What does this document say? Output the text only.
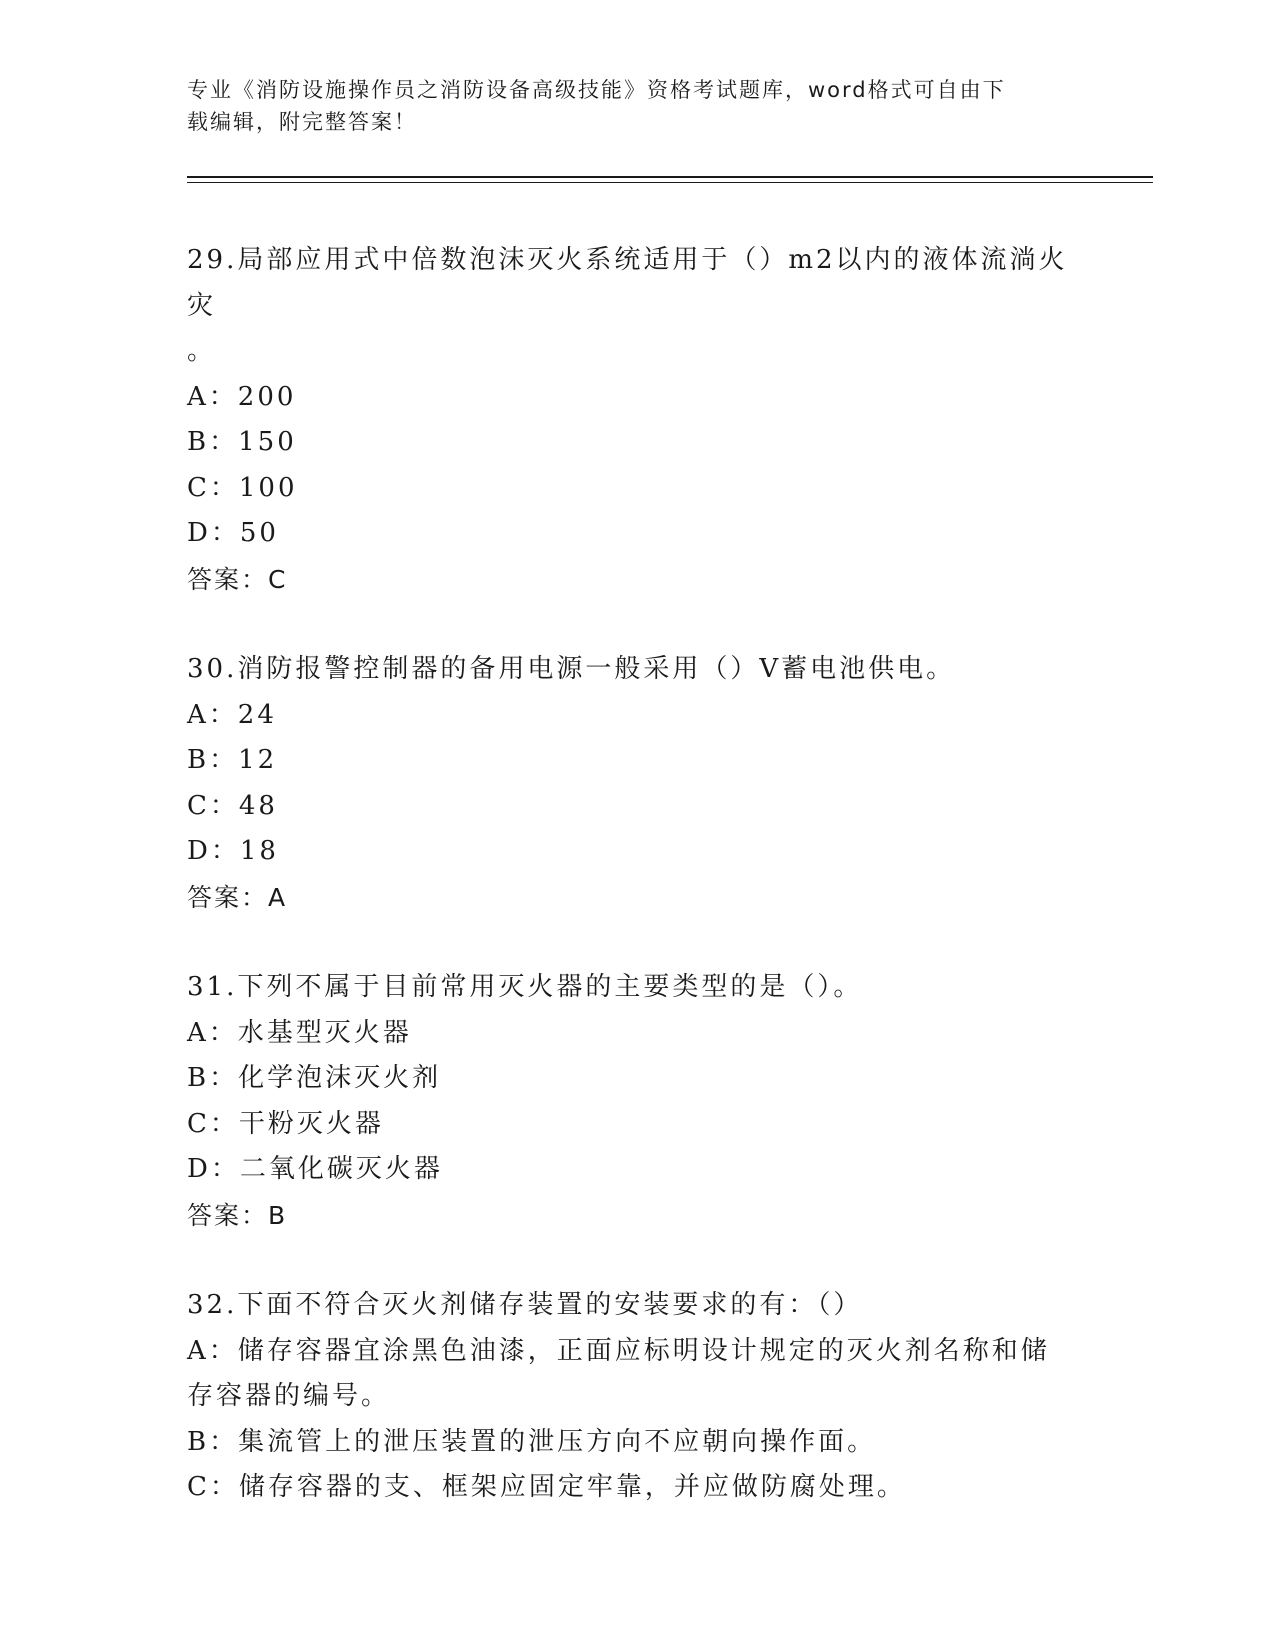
专业《消防设施操作员之消防设备高级技能》资格考试题库，word格式可自由下
载编辑，附完整答案！

29.局部应用式中倍数泡沫灭火系统适用于（）m2以内的液体流淌火灾

。

A：200

B：150

C：100

D：50

答案：C

30.消防报警控制器的备用电源一般采用（）V蓄电池供电。

A：24

B：12

C：48

D：18

答案：A

31.下列不属于目前常用灭火器的主要类型的是（）。

A：水基型灭火器

B：化学泡沫灭火剂

C：干粉灭火器

D：二氧化碳灭火器

答案：B

32.下面不符合灭火剂储存装置的安装要求的有：（）

A：储存容器宜涂黑色油漆，正面应标明设计规定的灭火剂名称和储存容器的编号。

B：集流管上的泄压装置的泄压方向不应朝向操作面。

C：储存容器的支、框架应固定牢靠，并应做防腐处理。
